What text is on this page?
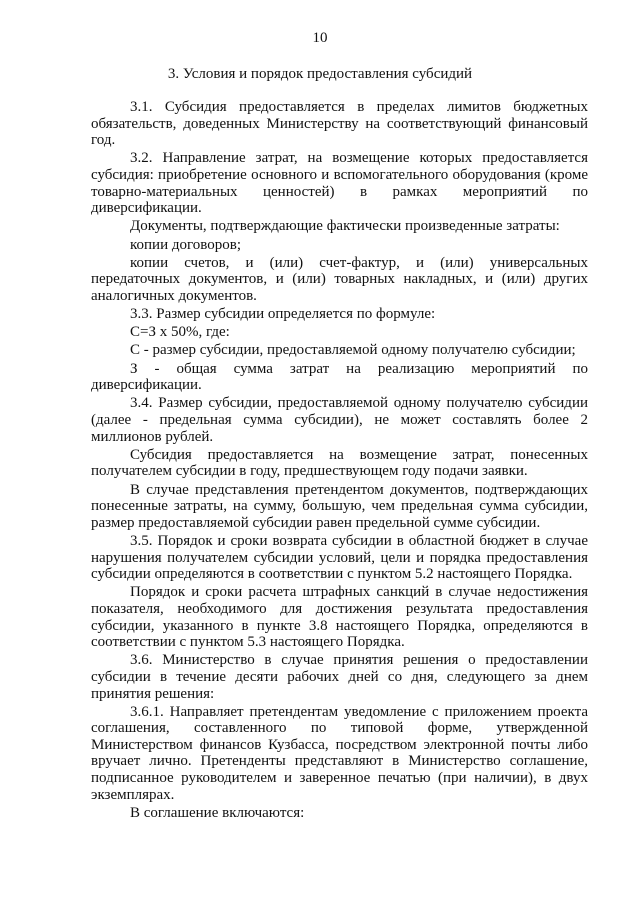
10
3. Условия и порядок предоставления субсидий

3.1. Субсидия предоставляется в пределах лимитов бюджетных обязательств, доведенных Министерству на соответствующий финансовый год.

3.2. Направление затрат, на возмещение которых предоставляется субсидия: приобретение основного и вспомогательного оборудования (кроме товарно-материальных ценностей) в рамках мероприятий по диверсификации.

Документы, подтверждающие фактически произведенные затраты:

копии договоров;

копии счетов, и (или) счет-фактур, и (или) универсальных передаточных документов, и (или) товарных накладных, и (или) других аналогичных документов.

3.3. Размер субсидии определяется по формуле:

С=З х 50%, где:

С - размер субсидии, предоставляемой одному получателю субсидии;

З - общая сумма затрат на реализацию мероприятий по диверсификации.

3.4. Размер субсидии, предоставляемой одному получателю субсидии (далее - предельная сумма субсидии), не может составлять более 2 миллионов рублей.

Субсидия предоставляется на возмещение затрат, понесенных получателем субсидии в году, предшествующем году подачи заявки.

В случае представления претендентом документов, подтверждающих понесенные затраты, на сумму, большую, чем предельная сумма субсидии, размер предоставляемой субсидии равен предельной сумме субсидии.

3.5. Порядок и сроки возврата субсидии в областной бюджет в случае нарушения получателем субсидии условий, цели и порядка предоставления субсидии определяются в соответствии с пунктом 5.2 настоящего Порядка.

Порядок и сроки расчета штрафных санкций в случае недостижения показателя, необходимого для достижения результата предоставления субсидии, указанного в пункте 3.8 настоящего Порядка, определяются в соответствии с пунктом 5.3 настоящего Порядка.

3.6. Министерство в случае принятия решения о предоставлении субсидии в течение десяти рабочих дней со дня, следующего за днем принятия решения:

3.6.1. Направляет претендентам уведомление с приложением проекта соглашения, составленного по типовой форме, утвержденной Министерством финансов Кузбасса, посредством электронной почты либо вручает лично. Претенденты представляют в Министерство соглашение, подписанное руководителем и заверенное печатью (при наличии), в двух экземплярах.

В соглашение включаются:
